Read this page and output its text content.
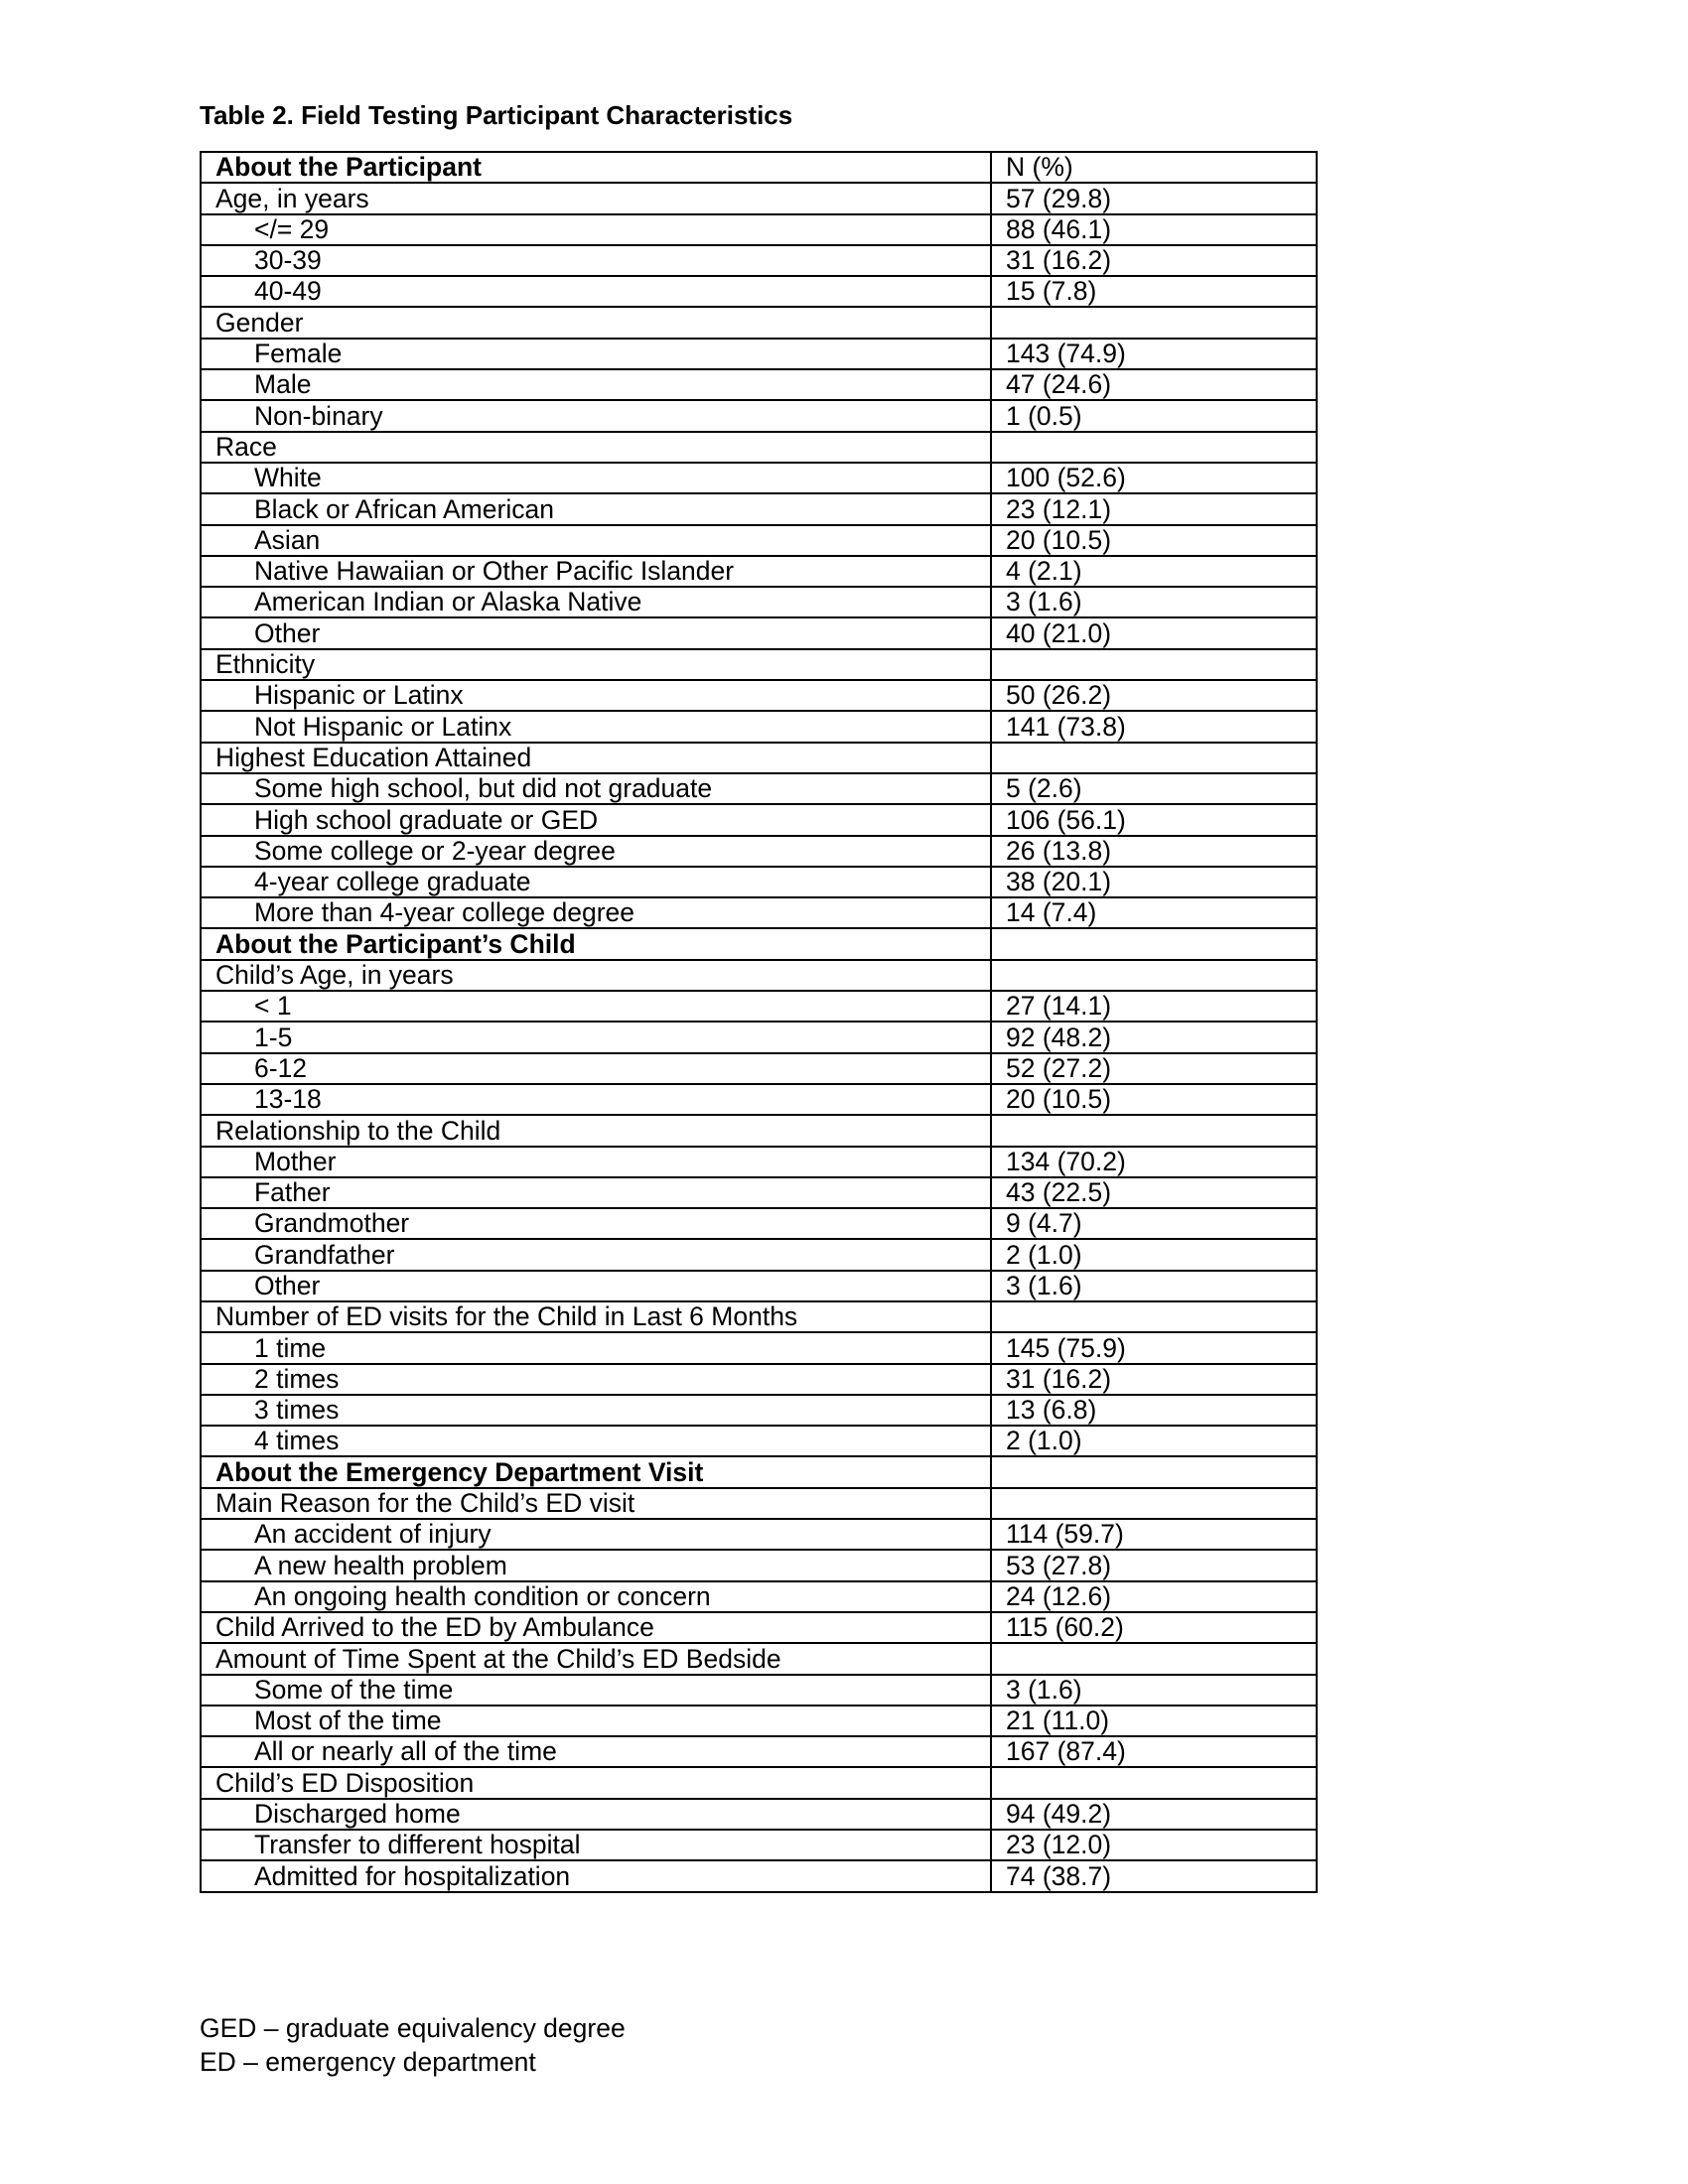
Table 2. Field Testing Participant Characteristics
About the Participant	N (%)
Age, in years	57 (29.8)
</= 29	88 (46.1)
30-39	31 (16.2)
40-49	15 (7.8)
Gender	
Female	143 (74.9)
Male	47 (24.6)
Non-binary	1 (0.5)
Race	
White	100 (52.6)
Black or African American	23 (12.1)
Asian	20 (10.5)
Native Hawaiian or Other Pacific Islander	4 (2.1)
American Indian or Alaska Native	3 (1.6)
Other	40 (21.0)
Ethnicity	
Hispanic or Latinx	50 (26.2)
Not Hispanic or Latinx	141 (73.8)
Highest Education Attained	
Some high school, but did not graduate	5 (2.6)
High school graduate or GED	106 (56.1)
Some college or 2-year degree	26 (13.8)
4-year college graduate	38 (20.1)
More than 4-year college degree	14 (7.4)
About the Participant’s Child	
Child’s Age, in years	
< 1	27 (14.1)
1-5	92 (48.2)
6-12	52 (27.2)
13-18	20 (10.5)
Relationship to the Child	
Mother	134 (70.2)
Father	43 (22.5)
Grandmother	9 (4.7)
Grandfather	2 (1.0)
Other	3 (1.6)
Number of ED visits for the Child in Last 6 Months	
1 time	145 (75.9)
2 times	31 (16.2)
3 times	13 (6.8)
4 times	2 (1.0)
About the Emergency Department Visit	
Main Reason for the Child’s ED visit	
An accident of injury	114 (59.7)
A new health problem	53 (27.8)
An ongoing health condition or concern	24 (12.6)
Child Arrived to the ED by Ambulance	115 (60.2)
Amount of Time Spent at the Child’s ED Bedside	
Some of the time	3 (1.6)
Most of the time	21 (11.0)
All or nearly all of the time	167 (87.4)
Child’s ED Disposition	
Discharged home	94 (49.2)
Transfer to different hospital	23 (12.0)
Admitted for hospitalization	74 (38.7)
GED – graduate equivalency degree
ED – emergency department
